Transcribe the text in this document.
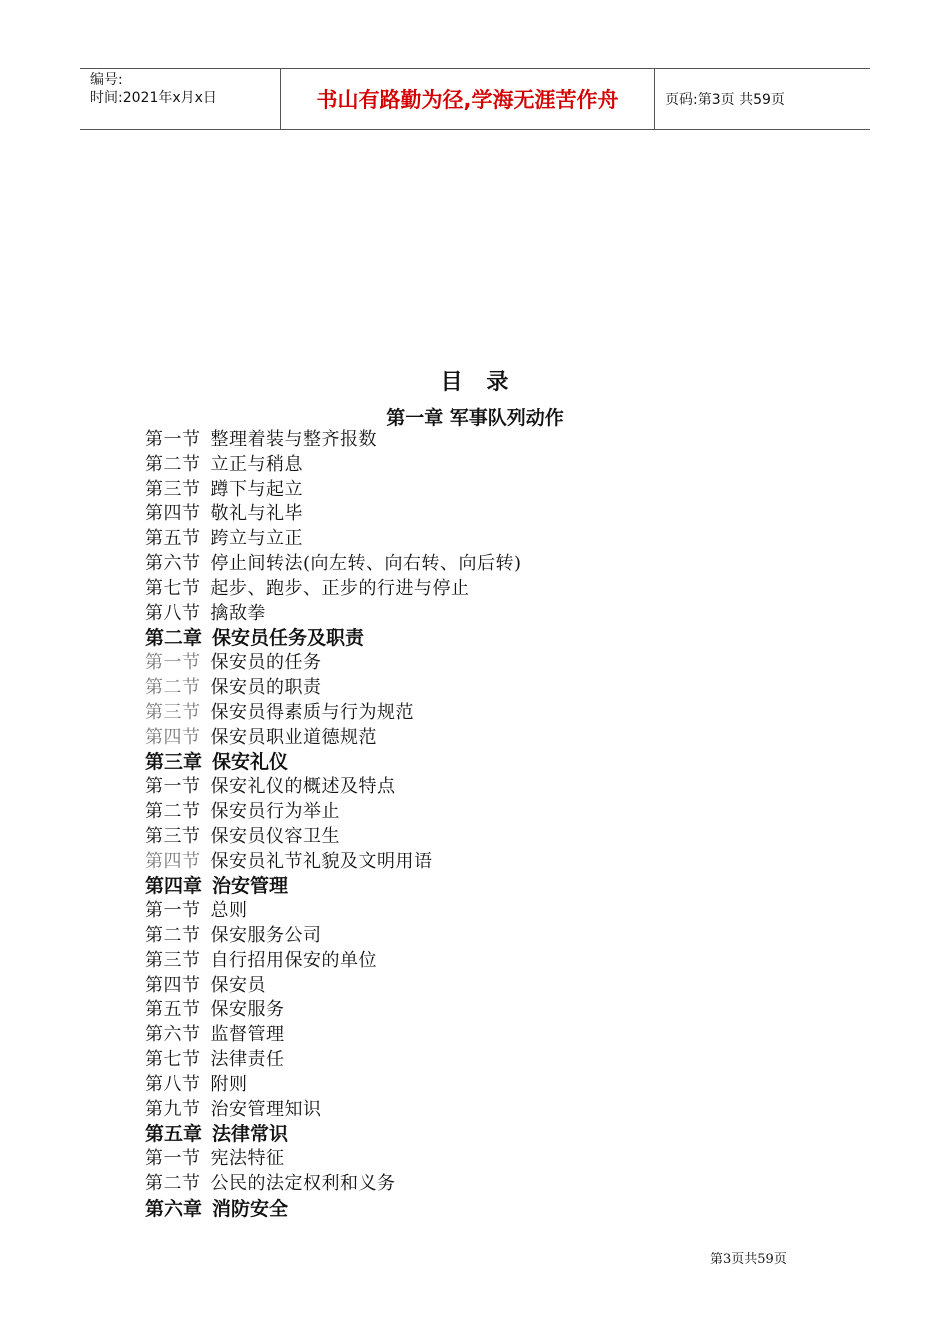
编号:
时间:2021年x月x日	书山有路勤为径,学海无涯苦作舟	页码:第3页 共59页
目 录
第一章 军事队列动作
第一节 整理着装与整齐报数
第二节 立正与稍息
第三节 蹲下与起立
第四节 敬礼与礼毕
第五节 跨立与立正
第六节 停止间转法(向左转、向右转、向后转)
第七节 起步、跑步、正步的行进与停止
第八节 擒敌拳
第二章 保安员任务及职责
第一节 保安员的任务
第二节 保安员的职责
第三节 保安员得素质与行为规范
第四节 保安员职业道德规范
第三章 保安礼仪
第一节 保安礼仪的概述及特点
第二节 保安员行为举止
第三节 保安员仪容卫生
第四节 保安员礼节礼貌及文明用语
第四章 治安管理
第一节 总则
第二节 保安服务公司
第三节 自行招用保安的单位
第四节 保安员
第五节 保安服务
第六节 监督管理
第七节 法律责任
第八节 附则
第九节 治安管理知识
第五章 法律常识
第一节 宪法特征
第二节 公民的法定权利和义务
第六章 消防安全
第3页共59页
